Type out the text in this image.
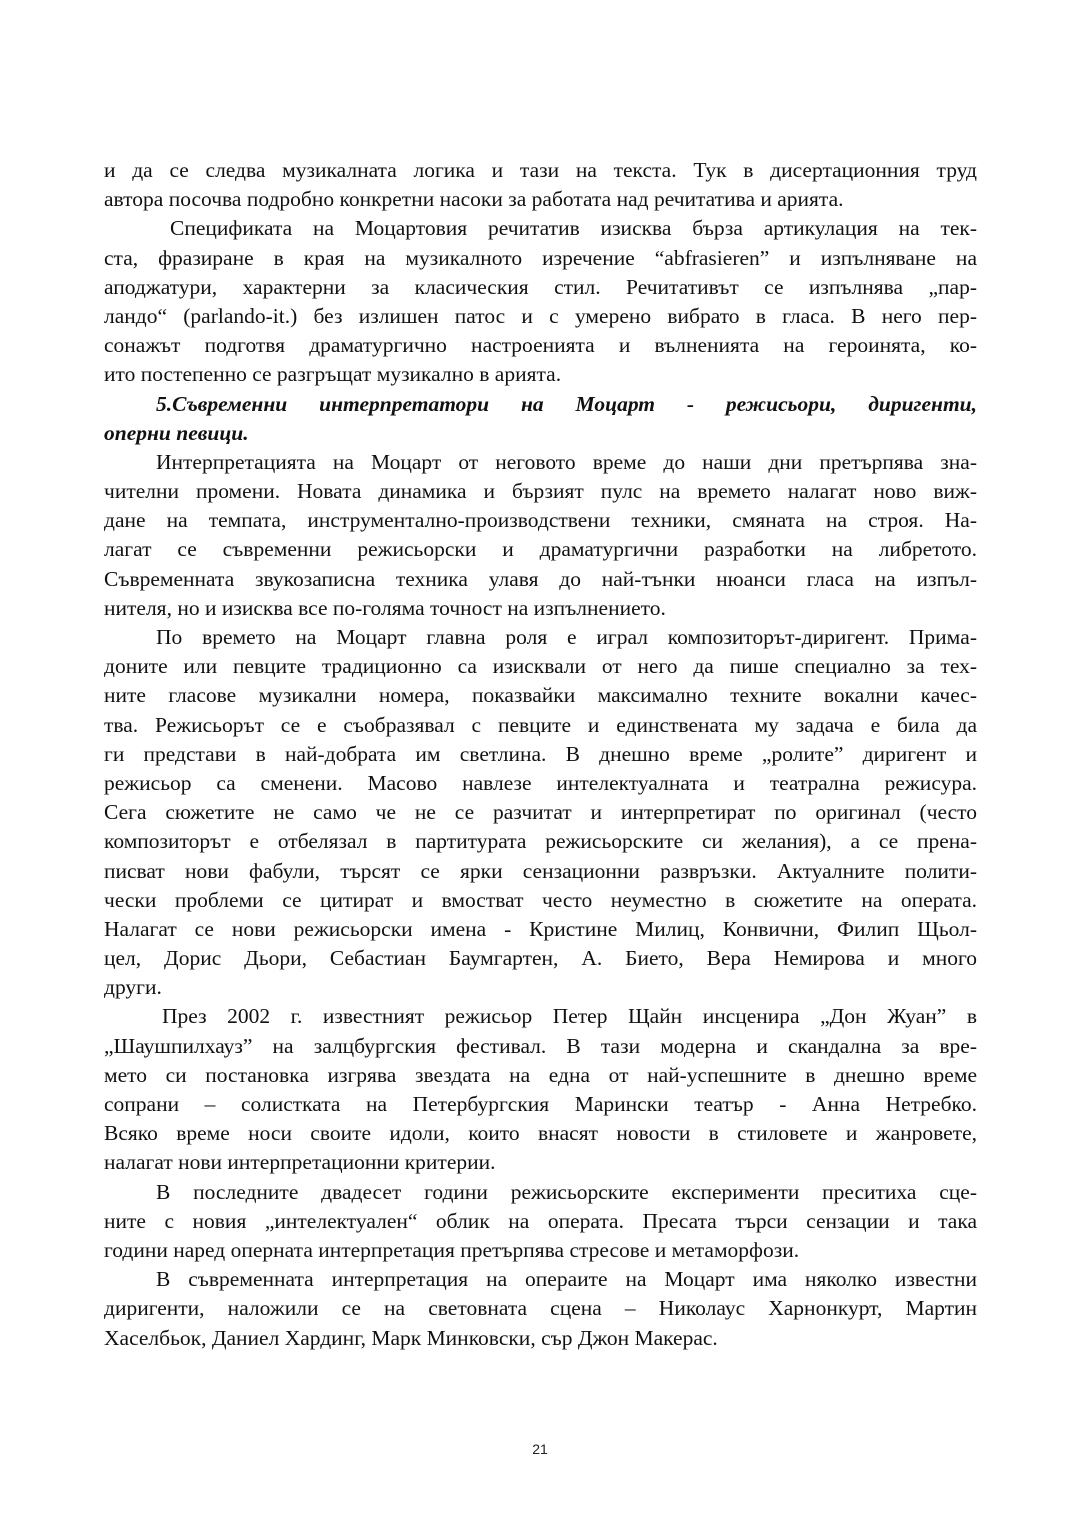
и да се следва музикалната логика и тази на текста. Тук в дисертационния труд
автора посочва подробно конкретни насоки за работата над речитатива и арията.
Спецификата на Моцартовия речитатив изисква бърза артикулация на тек-
ста, фразиране в края на музикалното изречение “abfrasieren” и изпълняване на
аподжатури, характерни за класическия стил. Речитативът се изпълнява „пар-
ландо“ (parlando-it.) без излишен патос и с умерено вибрато в гласа. В него пер-
сонажът подготвя драматургично настроенията и вълненията на героинята, ко-
ито постепенно се разгръщат музикално в арията.
5.Съвременни интерпретатори на Моцарт - режисьори, диригенти,
оперни певици.
Интерпретацията на Моцарт от неговото време до наши дни претърпява зна-
чителни промени. Новата динамика и бързият пулс на времето налагат ново виж-
дане на темпата, инструментално-производствени техники, смяната на строя. На-
лагат се съвременни режисьорски и драматургични разработки на либретото.
Съвременната звукозаписна техника улавя до най-тънки нюанси гласа на изпъл-
нителя, но и изисква все по-голяма точност на изпълнението.
По времето на Моцарт главна роля е играл композиторът-диригент. Примa-
доните или певците традиционно са изисквали от него да пише специално за тех-
ните гласове музикални номера, показвайки максимално техните вокални качес-
тва. Режисьорът се е съобразявал с певците и единствената му задача е била да
ги представи в най-добрата им светлина. В днешно време „ролите” диригент и
режисьор са сменени. Масово навлезе интелектуалната и театрална режисура.
Сега сюжетите не само че не се разчитат и интерпретират по оригинал (често
композиторът е отбелязал в партитурата режисьорските си желания), а се прена-
писват нови фабули, търсят се ярки сензационни развръзки. Актуалните полити-
чески проблеми се цитират и вмостват често неуместно в сюжетите на операта.
Налагат се нови режисьорски имена - Кристине Милиц, Конвични, Филип Щьол-
цел, Дорис Дьори, Себастиан Баумгартен, А. Бието, Вера Немирова и много
други.
През 2002 г. известният режисьор Петер Щайн инсценира „Дон Жуан” в
„Шаушпилхауз” на залцбургския фестивал. В тази модерна и скандална за вре-
мето си постановка изгрява звездата на една от най-успешните в днешно време
сопрани – солистката на Петербургския Марински театър - Анна Нетребко.
Всяко време носи своите идоли, които внасят новости в стиловете и жанровете,
налагат нови интерпретационни критерии.
В последните двадесет години режисьорските експерименти преситиха сце-
ните с новия „интелектуален“ облик на операта. Пресата търси сензации и така
години наред оперната интерпретация претърпява стресове и метаморфози.
В съвременната интерпретация на операите на Моцарт има няколко известни
диригенти, наложили се на световната сцена – Николаус Харнонкурт, Мартин
Хаселбьок, Даниел Хардинг, Марк Минковски, сър Джон Макерас.
21
